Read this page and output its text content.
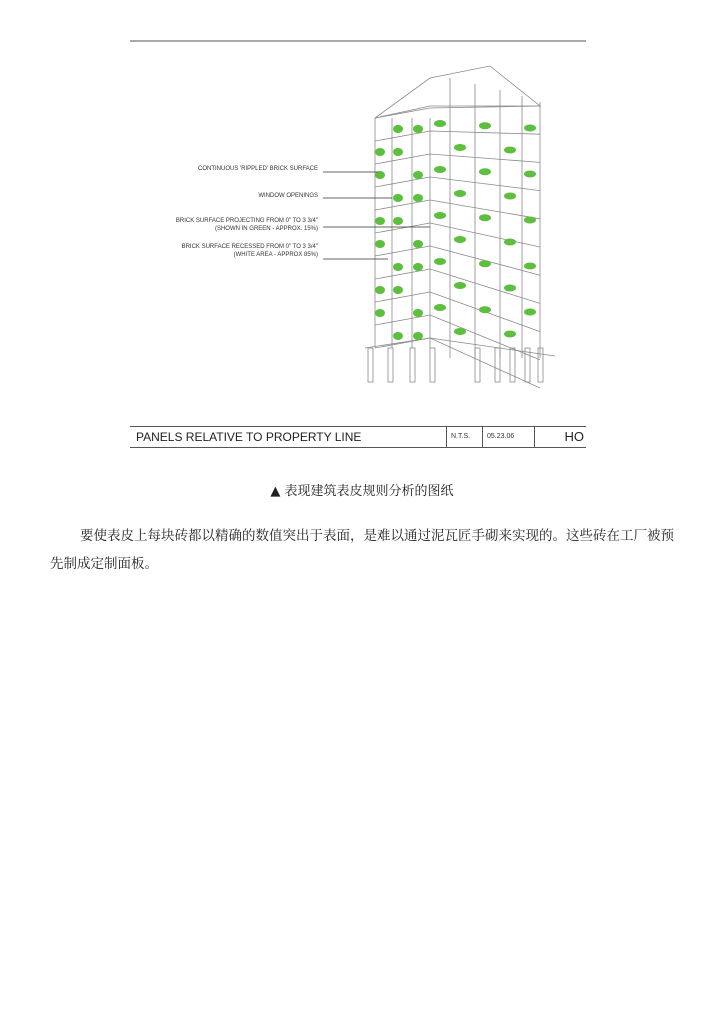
CONTINUOUS 'RIPPLED' BRICK SURFACE
WINDOW OPENINGS
BRICK SURFACE PROJECTING FROM 0" TO 3 3/4"
(SHOWN IN GREEN - APPROX. 15%)
BRICK SURFACE RECESSED FROM 0" TO 3 3/4"
(WHITE AREA - APPROX 85%)
PANELS RELATIVE TO PROPERTY LINE	N.T.S.	05.23.06	HO
▲ 表现建筑表皮规则分析的图纸
要使表皮上每块砖都以精确的数值突出于表面，是难以通过泥瓦匠手砌来实现的。这些砖在工厂被预先制成定制面板。
